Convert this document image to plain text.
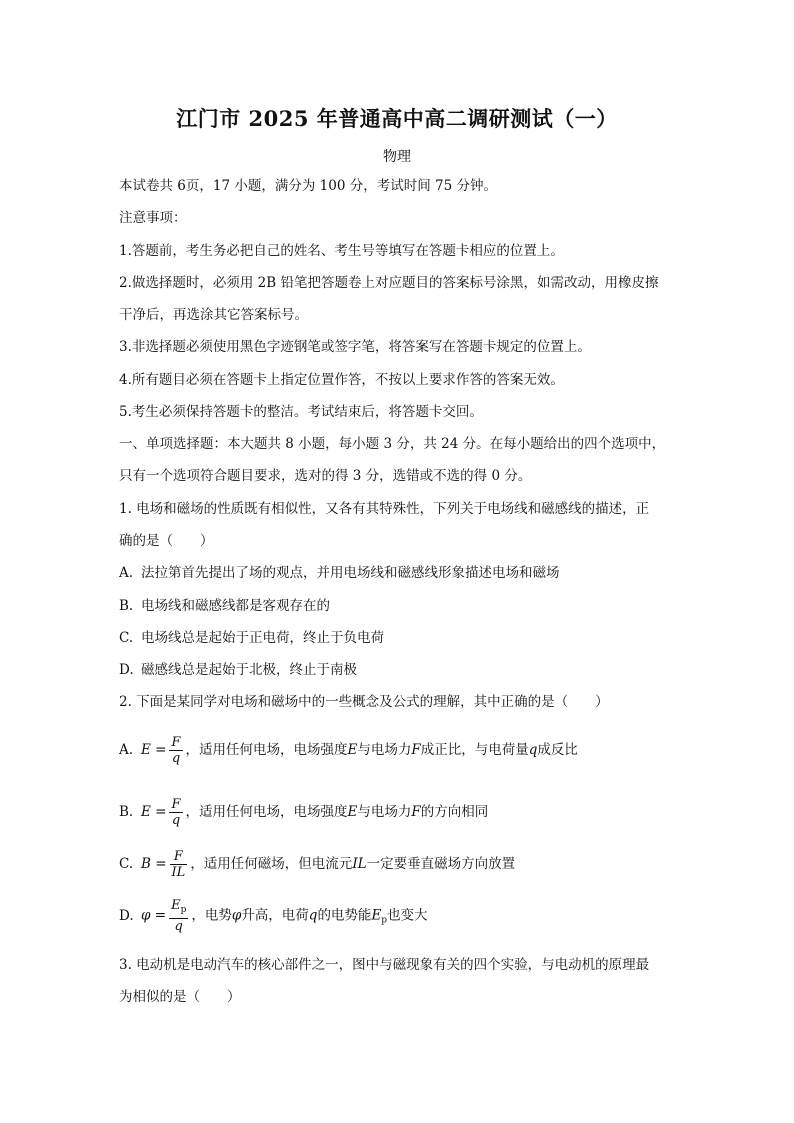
江门市 2025 年普通高中高二调研测试（一）
物理
本试卷共 6页，17 小题，满分为 100 分，考试时间 75 分钟。
注意事项：
1.答题前，考生务必把自己的姓名、考生号等填写在答题卡相应的位置上。
2.做选择题时，必须用 2B 铅笔把答题卷上对应题目的答案标号涂黑，如需改动，用橡皮擦
干净后，再选涂其它答案标号。
3.非选择题必须使用黑色字迹钢笔或签字笔，将答案写在答题卡规定的位置上。
4.所有题目必须在答题卡上指定位置作答，不按以上要求作答的答案无效。
5.考生必须保持答题卡的整洁。考试结束后，将答题卡交回。
一、单项选择题：本大题共 8 小题，每小题 3 分，共 24 分。在每小题给出的四个选项中，
只有一个选项符合题目要求，选对的得 3 分，选错或不选的得 0 分。
1. 电场和磁场的性质既有相似性，又各有其特殊性，下列关于电场线和磁感线的描述，正
确的是（　　）
A. 法拉第首先提出了场的观点，并用电场线和磁感线形象描述电场和磁场
B. 电场线和磁感线都是客观存在的
C. 电场线总是起始于正电荷，终止于负电荷
D. 磁感线总是起始于北极，终止于南极
2. 下面是某同学对电场和磁场中的一些概念及公式的理解，其中正确的是（　　）
A. $E = \frac{F}{q}$ ，适用任何电场，电场强度E与电场力F成正比，与电荷量q成反比
B. $E = \frac{F}{q}$ ，适用任何电场，电场强度E与电场力F的方向相同
C. $B = \frac{F}{IL}$ ，适用任何磁场，但电流元IL一定要垂直磁场方向放置
D. $\varphi = \frac{E_p}{q}$ ，电势φ升高，电荷q的电势能$E_p$也变大
3. 电动机是电动汽车的核心部件之一，图中与磁现象有关的四个实验，与电动机的原理最
为相似的是（　　）
